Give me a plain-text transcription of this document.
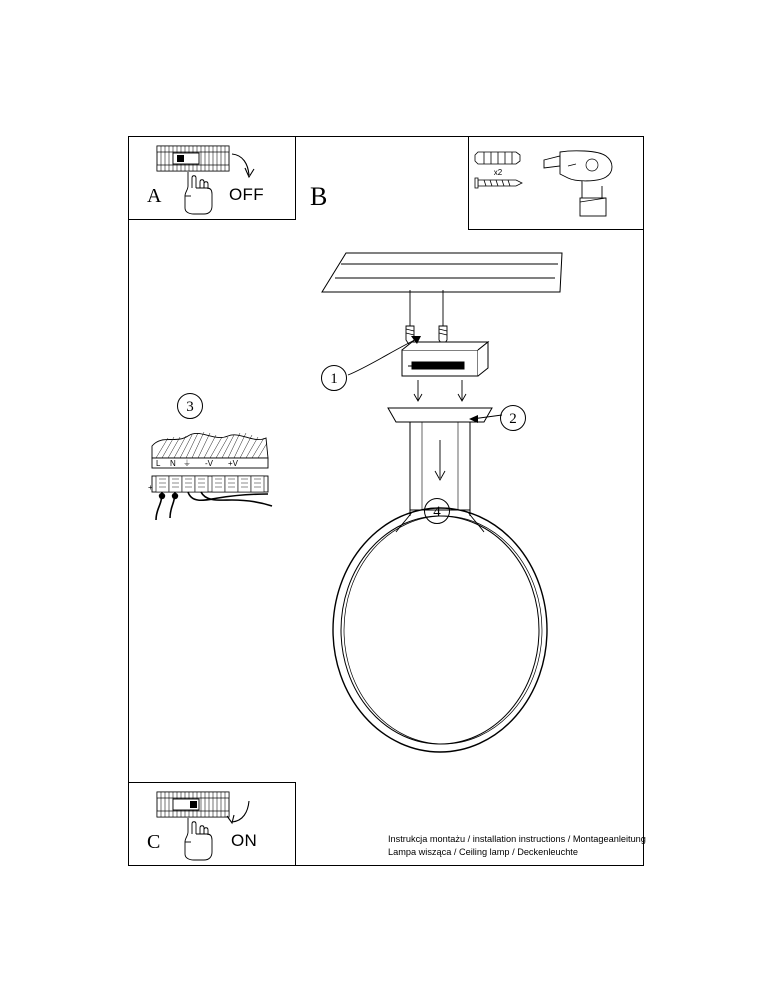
A	OFF B
x2
1
2
4
3
L N ⏚ -V +V
+
C	ON	Instrukcja montażu / installation instructions / Montageanleitung
Lampa wisząca / Ceiling lamp / Deckenleuchte
